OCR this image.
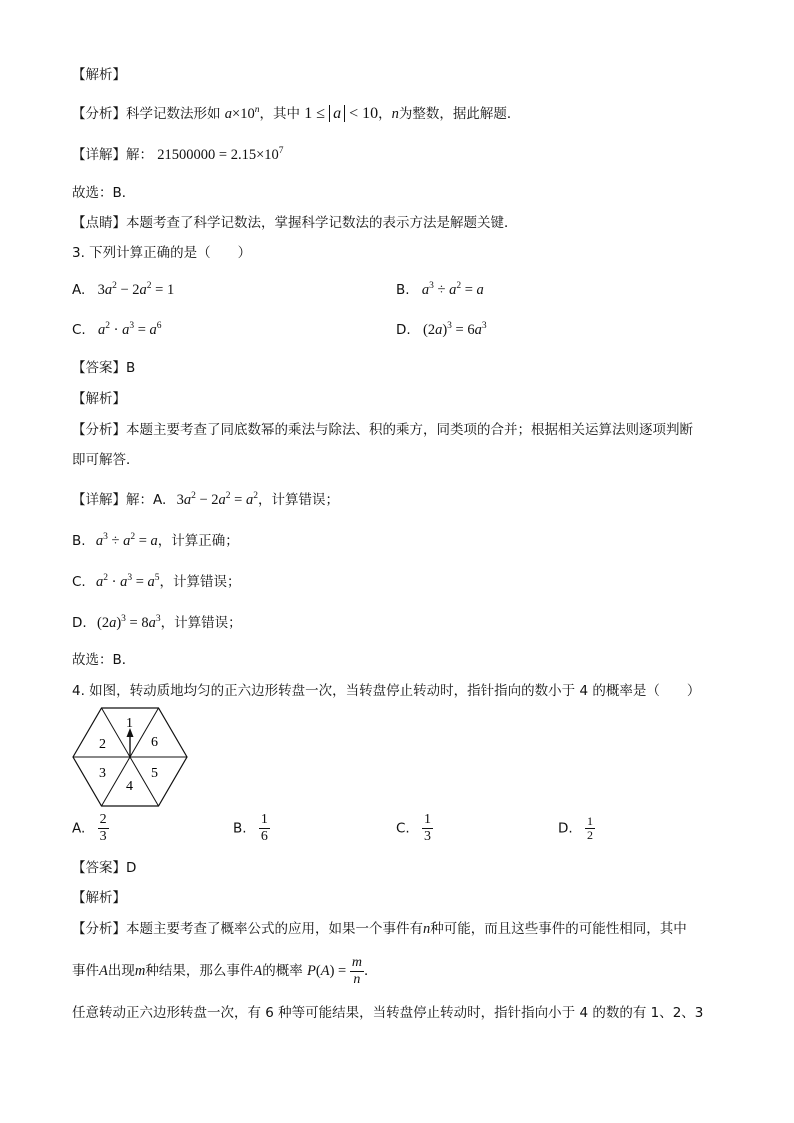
【解析】
【分析】科学记数法形如 $a\times 10^n$，其中 1 ≤ a < 10，n为整数，据此解题．
【详解】解： $21500000 = 2.15\times 10^7$
故选：B．
【点睛】本题考查了科学记数法，掌握科学记数法的表示方法是解题关键．
3. 下列计算正确的是（　　）
A. $3a^2 - 2a^2 = 1$	B. $a^3 \div a^2 = a$
C. $a^2 \cdot a^3 = a^6$	D. $(2a)^3 = 6a^3$
【答案】B
【解析】
【分析】本题主要考查了同底数幂的乘法与除法、积的乘方，同类项的合并；根据相关运算法则逐项判断
即可解答．
【详解】解：A. $3a^2 - 2a^2 = a^2$，计算错误；
B. $a^3 \div a^2 = a$，计算正确；
C. $a^2 \cdot a^3 = a^5$，计算错误；
D. $(2a)^3 = 8a^3$，计算错误；
故选：B．
4. 如图，转动质地均匀的正六边形转盘一次，当转盘停止转动时，指针指向的数小于 4 的概率是（　　）
1
6
5
4
3
2
A. $\frac{2}{3}$	B. $\frac{1}{6}$	C. $\frac{1}{3}$	D. $\frac{1}{2}$
【答案】D
【解析】
【分析】本题主要考查了概率公式的应用，如果一个事件有n种可能，而且这些事件的可能性相同，其中
事件A出现m种结果，那么事件A的概率 $P(A) = \frac{m}{n}$ ．
任意转动正六边形转盘一次，有 6 种等可能结果，当转盘停止转动时，指针指向小于 4 的数的有 1、2、3
